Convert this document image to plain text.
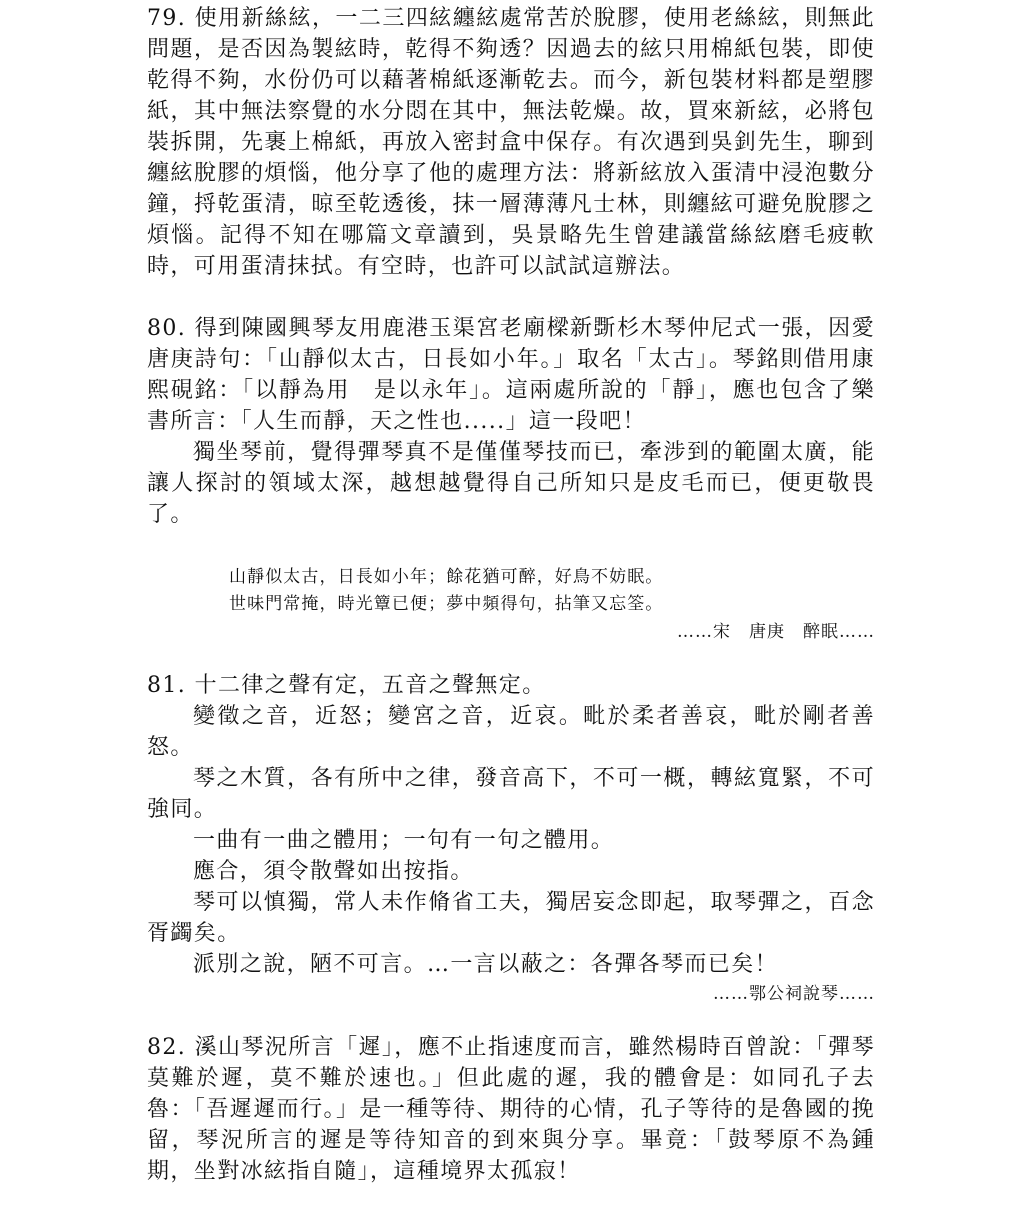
79. 使用新絲絃，一二三四絃纏絃處常苦於脫膠，使用老絲絃，則無此問題，是否因為製絃時，乾得不夠透？因過去的絃只用棉紙包裝，即使乾得不夠，水份仍可以藉著棉紙逐漸乾去。而今，新包裝材料都是塑膠紙，其中無法察覺的水分悶在其中，無法乾燥。故，買來新絃，必將包裝拆開，先裹上棉紙，再放入密封盒中保存。有次遇到吳釗先生，聊到纏絃脫膠的煩惱，他分享了他的處理方法：將新絃放入蛋清中浸泡數分鐘，捋乾蛋清，晾至乾透後，抹一層薄薄凡士林，則纏絃可避免脫膠之煩惱。記得不知在哪篇文章讀到，吳景略先生曾建議當絲絃磨毛疲軟時，可用蛋清抹拭。有空時，也許可以試試這辦法。

80. 得到陳國興琴友用鹿港玉渠宮老廟樑新斲杉木琴仲尼式一張，因愛唐庚詩句：「山靜似太古，日長如小年。」取名「太古」。琴銘則借用康熙硯銘：「以靜為用　是以永年」。這兩處所說的「靜」，應也包含了樂書所言：「人生而靜，天之性也.....」這一段吧！

獨坐琴前，覺得彈琴真不是僅僅琴技而已，牽涉到的範圍太廣，能讓人探討的領域太深，越想越覺得自己所知只是皮毛而已，便更敬畏了。

山靜似太古，日長如小年；餘花猶可醉，好鳥不妨眠。
世味門常掩，時光簟已便；夢中頻得句，拈筆又忘筌。
……宋　唐庚　醉眠……

81. 十二律之聲有定，五音之聲無定。

變徵之音，近怒；變宮之音，近哀。毗於柔者善哀，毗於剛者善怒。

琴之木質，各有所中之律，發音高下，不可一概，轉絃寬緊，不可強同。

一曲有一曲之體用；一句有一句之體用。

應合，須令散聲如出按指。

琴可以慎獨，常人未作脩省工夫，獨居妄念即起，取琴彈之，百念胥蠲矣。

派別之說，陋不可言。…一言以蔽之：各彈各琴而已矣！

……鄂公祠說琴……

82. 溪山琴況所言「遲」，應不止指速度而言，雖然楊時百曾說：「彈琴莫難於遲，莫不難於速也。」但此處的遲，我的體會是：如同孔子去魯：「吾遲遲而行。」是一種等待、期待的心情，孔子等待的是魯國的挽留，琴況所言的遲是等待知音的到來與分享。畢竟：「鼓琴原不為鍾期，坐對冰絃指自隨」，這種境界太孤寂！
